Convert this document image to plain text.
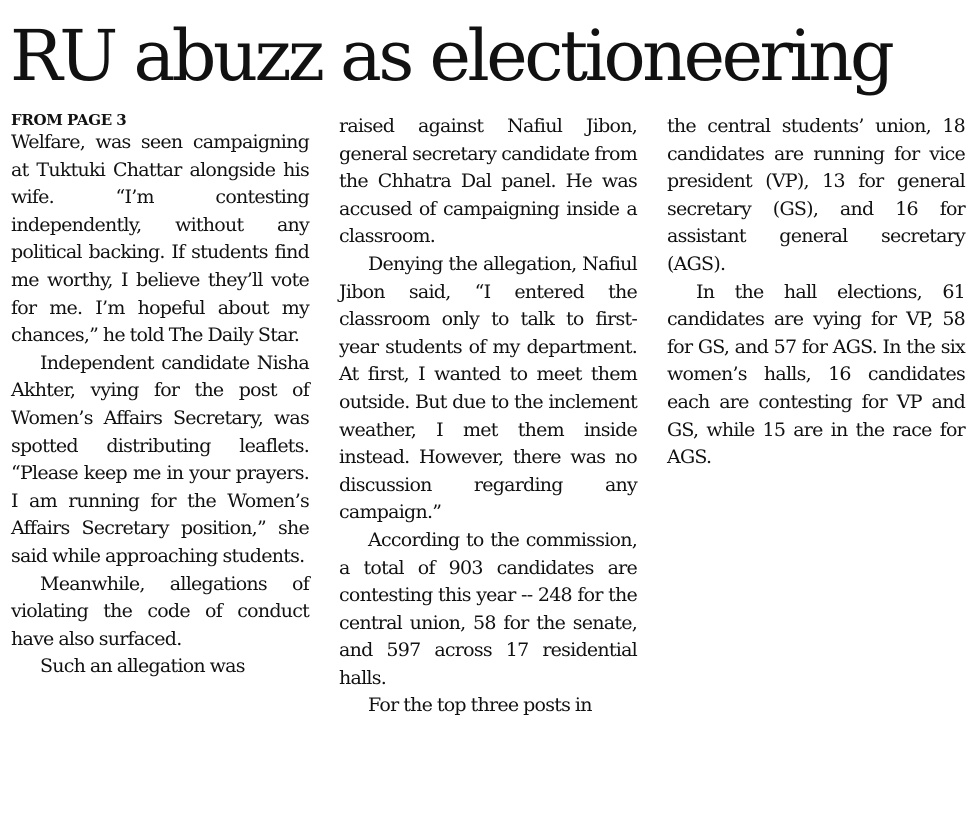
RU abuzz as electioneering
FROM PAGE 3

Welfare, was seen campaigning at Tuktuki Chattar alongside his wife. “I’m contesting independently, without any political backing. If students find me worthy, I believe they’ll vote for me. I’m hopeful about my chances,” he told The Daily Star.

Independent candidate Nisha Akhter, vying for the post of Women’s Affairs Secretary, was spotted distributing leaflets. “Please keep me in your prayers. I am running for the Women’s Affairs Secretary position,” she said while approaching students.

Meanwhile, allegations of violating the code of conduct have also surfaced.

Such an allegation was

raised against Nafiul Jibon, general secretary candidate from the Chhatra Dal panel. He was accused of campaigning inside a classroom.

Denying the allegation, Nafiul Jibon said, “I entered the classroom only to talk to first-year students of my department. At first, I wanted to meet them outside. But due to the inclement weather, I met them inside instead. However, there was no discussion regarding any campaign.”

According to the commission, a total of 903 candidates are contesting this year -- 248 for the central union, 58 for the senate, and 597 across 17 residential halls.

For the top three posts in

the central students’ union, 18 candidates are running for vice president (VP), 13 for general secretary (GS), and 16 for assistant general secretary (AGS).

In the hall elections, 61 candidates are vying for VP, 58 for GS, and 57 for AGS. In the six women’s halls, 16 candidates each are contesting for VP and GS, while 15 are in the race for AGS.
